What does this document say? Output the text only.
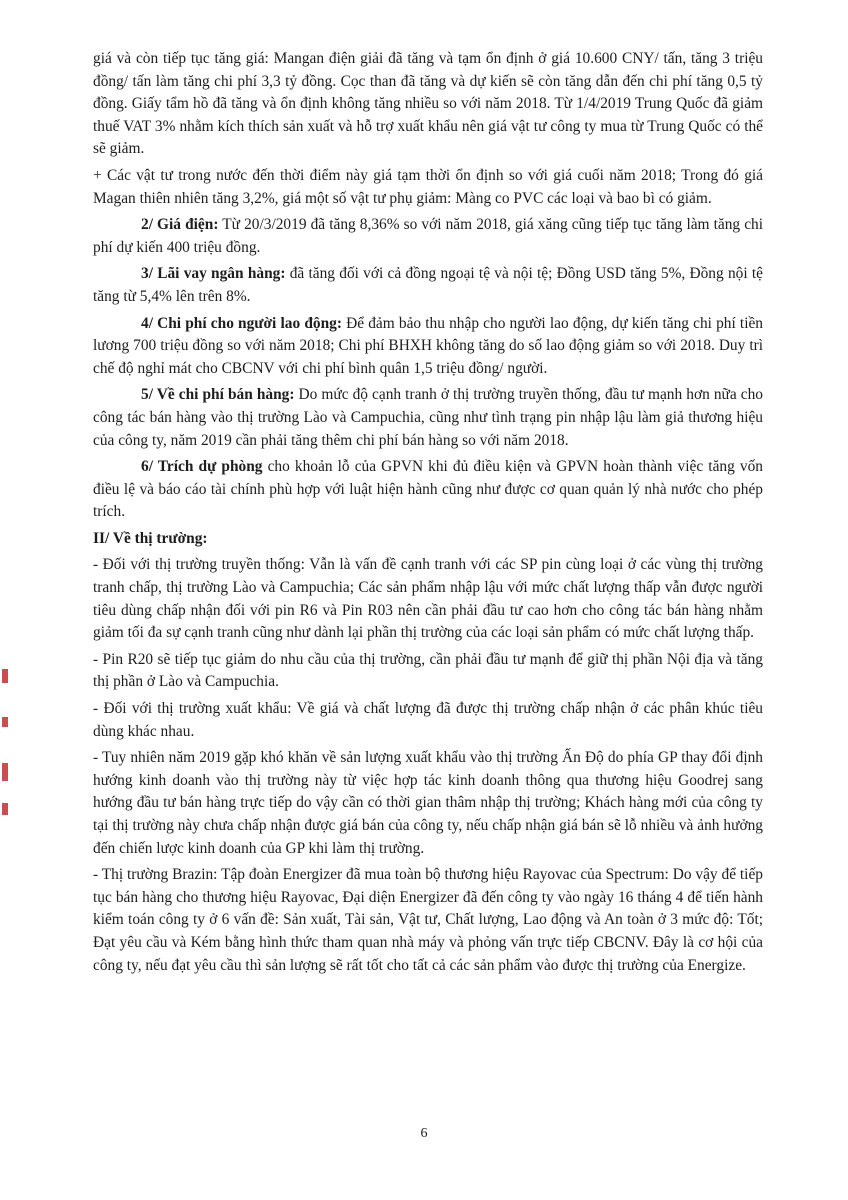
giá và còn tiếp tục tăng giá: Mangan điện giải đã tăng và tạm ổn định ở giá 10.600 CNY/ tấn, tăng 3 triệu đồng/ tấn làm tăng chi phí 3,3 tỷ đồng. Cọc than đã tăng và dự kiến sẽ còn tăng dẫn đến chi phí tăng 0,5 tỷ đồng. Giấy tẩm hồ đã tăng và ổn định không tăng nhiều so với năm 2018. Từ 1/4/2019 Trung Quốc đã giảm thuế VAT 3% nhằm kích thích sản xuất và hỗ trợ xuất khẩu nên giá vật tư công ty mua từ Trung Quốc có thể sẽ giảm.

+ Các vật tư trong nước đến thời điểm này giá tạm thời ổn định so với giá cuối năm 2018; Trong đó giá Magan thiên nhiên tăng 3,2%, giá một số vật tư phụ giảm: Màng co PVC các loại và bao bì có giảm.

2/ Giá điện: Từ 20/3/2019 đã tăng 8,36% so với năm 2018, giá xăng cũng tiếp tục tăng làm tăng chi phí dự kiến 400 triệu đồng.

3/ Lãi vay ngân hàng: đã tăng đối với cả đồng ngoại tệ và nội tệ; Đồng USD tăng 5%, Đồng nội tệ tăng từ 5,4% lên trên 8%.

4/ Chi phí cho người lao động: Để đảm bảo thu nhập cho người lao động, dự kiến tăng chi phí tiền lương 700 triệu đồng so với năm 2018; Chi phí BHXH không tăng do số lao động giảm so với 2018. Duy trì chế độ nghỉ mát cho CBCNV với chi phí bình quân 1,5 triệu đồng/ người.

5/ Về chi phí bán hàng: Do mức độ cạnh tranh ở thị trường truyền thống, đầu tư mạnh hơn nữa cho công tác bán hàng vào thị trường Lào và Campuchia, cũng như tình trạng pin nhập lậu làm giả thương hiệu của công ty, năm 2019 cần phải tăng thêm chi phí bán hàng so với năm 2018.

6/ Trích dự phòng cho khoản lỗ của GPVN khi đủ điều kiện và GPVN hoàn thành việc tăng vốn điều lệ và báo cáo tài chính phù hợp với luật hiện hành cũng như được cơ quan quản lý nhà nước cho phép trích.

II/ Về thị trường:

- Đối với thị trường truyền thống: Vẫn là vấn đề cạnh tranh với các SP pin cùng loại ở các vùng thị trường tranh chấp, thị trường Lào và Campuchia; Các sản phẩm nhập lậu với mức chất lượng thấp vẫn được người tiêu dùng chấp nhận đối với pin R6 và Pin R03 nên cần phải đầu tư cao hơn cho công tác bán hàng nhằm giảm tối đa sự cạnh tranh cũng như dành lại phần thị trường của các loại sản phẩm có mức chất lượng thấp.

- Pin R20 sẽ tiếp tục giảm do nhu cầu của thị trường, cần phải đầu tư mạnh để giữ thị phần Nội địa và tăng thị phần ở Lào và Campuchia.

- Đối với thị trường xuất khẩu: Về giá và chất lượng đã được thị trường chấp nhận ở các phân khúc tiêu dùng khác nhau.

- Tuy nhiên năm 2019 gặp khó khăn về sản lượng xuất khẩu vào thị trường Ấn Độ do phía GP thay đổi định hướng kinh doanh vào thị trường này từ việc hợp tác kinh doanh thông qua thương hiệu Goodrej sang hướng đầu tư bán hàng trực tiếp do vậy cần có thời gian thâm nhập thị trường; Khách hàng mới của công ty tại thị trường này chưa chấp nhận được giá bán của công ty, nếu chấp nhận giá bán sẽ lỗ nhiều và ảnh hưởng đến chiến lược kinh doanh của GP khi làm thị trường.

- Thị trường Brazin: Tập đoàn Energizer đã mua toàn bộ thương hiệu Rayovac của Spectrum: Do vậy để tiếp tục bán hàng cho thương hiệu Rayovac, Đại diện Energizer đã đến công ty vào ngày 16 tháng 4 để tiến hành kiểm toán công ty ở 6 vấn đề: Sản xuất, Tài sản, Vật tư, Chất lượng, Lao động và An toàn ở 3 mức độ: Tốt; Đạt yêu cầu và Kém bằng hình thức tham quan nhà máy và phỏng vấn trực tiếp CBCNV. Đây là cơ hội của công ty, nếu đạt yêu cầu thì sản lượng sẽ rất tốt cho tất cả các sản phẩm vào được thị trường của Energize.

6
